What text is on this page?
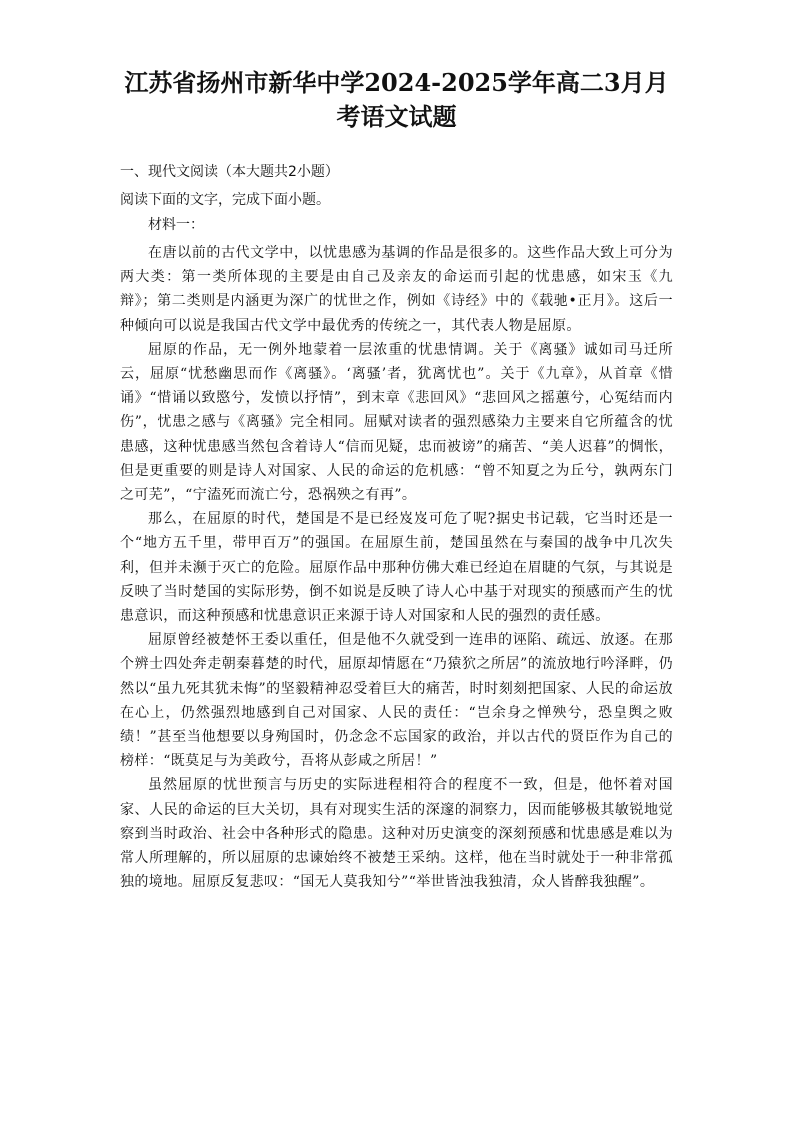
江苏省扬州市新华中学2024-2025学年高二3月月考语文试题

一、现代文阅读（本大题共2小题）

阅读下面的文字，完成下面小题。

材料一：

在唐以前的古代文学中，以忧患感为基调的作品是很多的。这些作品大致上可分为两大类：第一类所体现的主要是由自己及亲友的命运而引起的忧患感，如宋玉《九辩》；第二类则是内涵更为深广的忧世之作，例如《诗经》中的《载驰•正月》。这后一种倾向可以说是我国古代文学中最优秀的传统之一，其代表人物是屈原。

屈原的作品，无一例外地蒙着一层浓重的忧患情调。关于《离骚》诚如司马迁所云，屈原“忧愁幽思而作《离骚》。‘离骚’者，犹离忧也”。关于《九章》，从首章《惜诵》“惜诵以致愍兮，发愤以抒情”，到末章《悲回风》“悲回风之摇蕙兮，心冤结而内伤”，忧患之感与《离骚》完全相同。屈赋对读者的强烈感染力主要来自它所蕴含的忧患感，这种忧患感当然包含着诗人“信而见疑，忠而被谤”的痛苦、“美人迟暮”的惆怅，但是更重要的则是诗人对国家、人民的命运的危机感：“曾不知夏之为丘兮，孰两东门之可芜”，“宁溘死而流亡兮，恐祸殃之有再”。

那么，在屈原的时代，楚国是不是已经岌岌可危了呢?据史书记载，它当时还是一个“地方五千里，带甲百万”的强国。在屈原生前，楚国虽然在与秦国的战争中几次失利，但并未濒于灭亡的危险。屈原作品中那种仿佛大难已经迫在眉睫的气氛，与其说是反映了当时楚国的实际形势，倒不如说是反映了诗人心中基于对现实的预感而产生的忧患意识，而这种预感和忧患意识正来源于诗人对国家和人民的强烈的责任感。

屈原曾经被楚怀王委以重任，但是他不久就受到一连串的诬陷、疏远、放逐。在那个辨士四处奔走朝秦暮楚的时代，屈原却情愿在“乃猿狖之所居”的流放地行吟泽畔，仍然以“虽九死其犹未悔”的坚毅精神忍受着巨大的痛苦，时时刻刻把国家、人民的命运放在心上，仍然强烈地感到自己对国家、人民的责任：“岂余身之惮殃兮，恐皇舆之败绩！”甚至当他想要以身殉国时，仍念念不忘国家的政治，并以古代的贤臣作为自己的榜样：“既莫足与为美政兮，吾将从彭咸之所居！”

虽然屈原的忧世预言与历史的实际进程相符合的程度不一致，但是，他怀着对国家、人民的命运的巨大关切，具有对现实生活的深邃的洞察力，因而能够极其敏锐地觉察到当时政治、社会中各种形式的隐患。这种对历史演变的深刻预感和忧患感是难以为常人所理解的，所以屈原的忠谏始终不被楚王采纳。这样，他在当时就处于一种非常孤独的境地。屈原反复悲叹：“国无人莫我知兮”“举世皆浊我独清，众人皆醉我独醒”。
